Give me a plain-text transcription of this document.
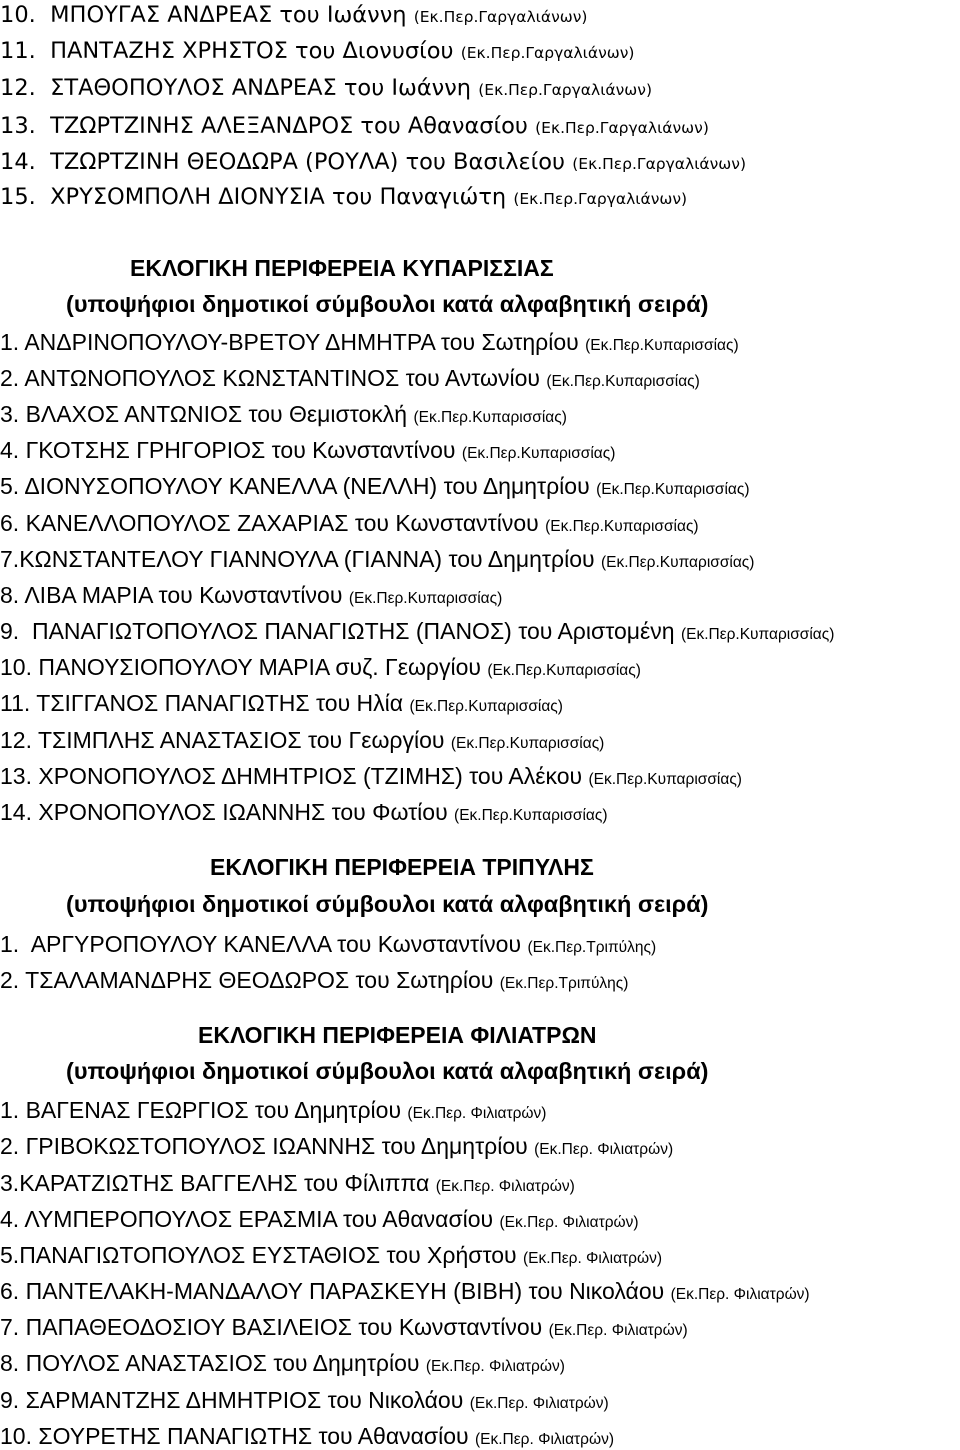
10. ΜΠΟΥΓΑΣ ΑΝΔΡΕΑΣ του Ιωάννη (Εκ.Περ.Γαργαλιάνων)
11. ΠΑΝΤΑΖΗΣ ΧΡΗΣΤΟΣ του Διονυσίου (Εκ.Περ.Γαργαλιάνων)
12. ΣΤΑΘΟΠΟΥΛΟΣ ΑΝΔΡΕΑΣ του Ιωάννη (Εκ.Περ.Γαργαλιάνων)
13. ΤΖΩΡΤΖΙΝΗΣ ΑΛΕΞΑΝΔΡΟΣ του Αθανασίου (Εκ.Περ.Γαργαλιάνων)
14. ΤΖΩΡΤΖΙΝΗ ΘΕΟΔΩΡΑ (ΡΟΥΛΑ) του Βασιλείου (Εκ.Περ.Γαργαλιάνων)
15. ΧΡΥΣΟΜΠΟΛΗ ΔΙΟΝΥΣΙΑ του Παναγιώτη (Εκ.Περ.Γαργαλιάνων)
ΕΚΛΟΓΙΚΗ ΠΕΡΙΦΕΡΕΙΑ ΚΥΠΑΡΙΣΣΙΑΣ
(υποψήφιοι δημοτικοί σύμβουλοι κατά αλφαβητική σειρά)
1. ΑΝΔΡΙΝΟΠΟΥΛΟΥ-ΒΡΕΤΟΥ ΔΗΜΗΤΡΑ του Σωτηρίου (Εκ.Περ.Κυπαρισσίας)
2. ΑΝΤΩΝΟΠΟΥΛΟΣ ΚΩΝΣΤΑΝΤΙΝΟΣ του Αντωνίου (Εκ.Περ.Κυπαρισσίας)
3. ΒΛΑΧΟΣ ΑΝΤΩΝΙΟΣ του Θεμιστοκλή (Εκ.Περ.Κυπαρισσίας)
4. ΓΚΟΤΣΗΣ ΓΡΗΓΟΡΙΟΣ του Κωνσταντίνου (Εκ.Περ.Κυπαρισσίας)
5. ΔΙΟΝΥΣΟΠΟΥΛΟΥ ΚΑΝΕΛΛΑ (ΝΕΛΛΗ) του Δημητρίου (Εκ.Περ.Κυπαρισσίας)
6. ΚΑΝΕΛΛΟΠΟΥΛΟΣ ΖΑΧΑΡΙΑΣ του Κωνσταντίνου (Εκ.Περ.Κυπαρισσίας)
7.ΚΩΝΣΤΑΝΤΕΛΟΥ ΓΙΑΝΝΟΥΛΑ (ΓΙΑΝΝΑ) του Δημητρίου (Εκ.Περ.Κυπαρισσίας)
8. ΛΙΒΑ ΜΑΡΙΑ του Κωνσταντίνου (Εκ.Περ.Κυπαρισσίας)
9. ΠΑΝΑΓΙΩΤΟΠΟΥΛΟΣ ΠΑΝΑΓΙΩΤΗΣ (ΠΑΝΟΣ) του Αριστομένη (Εκ.Περ.Κυπαρισσίας)
10. ΠΑΝΟΥΣΙΟΠΟΥΛΟΥ ΜΑΡΙΑ συζ. Γεωργίου (Εκ.Περ.Κυπαρισσίας)
11. ΤΣΙΓΓΑΝΟΣ ΠΑΝΑΓΙΩΤΗΣ του Ηλία (Εκ.Περ.Κυπαρισσίας)
12. ΤΣΙΜΠΛΗΣ ΑΝΑΣΤΑΣΙΟΣ του Γεωργίου (Εκ.Περ.Κυπαρισσίας)
13. ΧΡΟΝΟΠΟΥΛΟΣ ΔΗΜΗΤΡΙΟΣ (ΤΖΙΜΗΣ) του Αλέκου (Εκ.Περ.Κυπαρισσίας)
14. ΧΡΟΝΟΠΟΥΛΟΣ ΙΩΑΝΝΗΣ του Φωτίου (Εκ.Περ.Κυπαρισσίας)
ΕΚΛΟΓΙΚΗ ΠΕΡΙΦΕΡΕΙΑ ΤΡΙΠΥΛΗΣ
(υποψήφιοι δημοτικοί σύμβουλοι κατά αλφαβητική σειρά)
1. ΑΡΓΥΡΟΠΟΥΛΟΥ ΚΑΝΕΛΛΑ του Κωνσταντίνου (Εκ.Περ.Τριπύλης)
2. ΤΣΑΛΑΜΑΝΔΡΗΣ ΘΕΟΔΩΡΟΣ του Σωτηρίου (Εκ.Περ.Τριπύλης)
ΕΚΛΟΓΙΚΗ ΠΕΡΙΦΕΡΕΙΑ ΦΙΛΙΑΤΡΩΝ
(υποψήφιοι δημοτικοί σύμβουλοι κατά αλφαβητική σειρά)
1. ΒΑΓΕΝΑΣ ΓΕΩΡΓΙΟΣ του Δημητρίου (Εκ.Περ. Φιλιατρών)
2. ΓΡΙΒΟΚΩΣΤΟΠΟΥΛΟΣ ΙΩΑΝΝΗΣ του Δημητρίου (Εκ.Περ. Φιλιατρών)
3.ΚΑΡΑΤΖΙΩΤΗΣ ΒΑΓΓΕΛΗΣ του Φίλιππα (Εκ.Περ. Φιλιατρών)
4. ΛΥΜΠΕΡΟΠΟΥΛΟΣ ΕΡΑΣΜΙΑ του Αθανασίου (Εκ.Περ. Φιλιατρών)
5.ΠΑΝΑΓΙΩΤΟΠΟΥΛΟΣ ΕΥΣΤΑΘΙΟΣ του Χρήστου (Εκ.Περ. Φιλιατρών)
6. ΠΑΝΤΕΛΑΚΗ-ΜΑΝΔΑΛΟΥ ΠΑΡΑΣΚΕΥΗ (ΒΙΒΗ) του Νικολάου (Εκ.Περ. Φιλιατρών)
7. ΠΑΠΑΘΕΟΔΟΣΙΟΥ ΒΑΣΙΛΕΙΟΣ του Κωνσταντίνου (Εκ.Περ. Φιλιατρών)
8. ΠΟΥΛΟΣ ΑΝΑΣΤΑΣΙΟΣ του Δημητρίου (Εκ.Περ. Φιλιατρών)
9. ΣΑΡΜΑΝΤΖΗΣ ΔΗΜΗΤΡΙΟΣ του Νικολάου (Εκ.Περ. Φιλιατρών)
10. ΣΟΥΡΕΤΗΣ ΠΑΝΑΓΙΩΤΗΣ του Αθανασίου (Εκ.Περ. Φιλιατρών)
